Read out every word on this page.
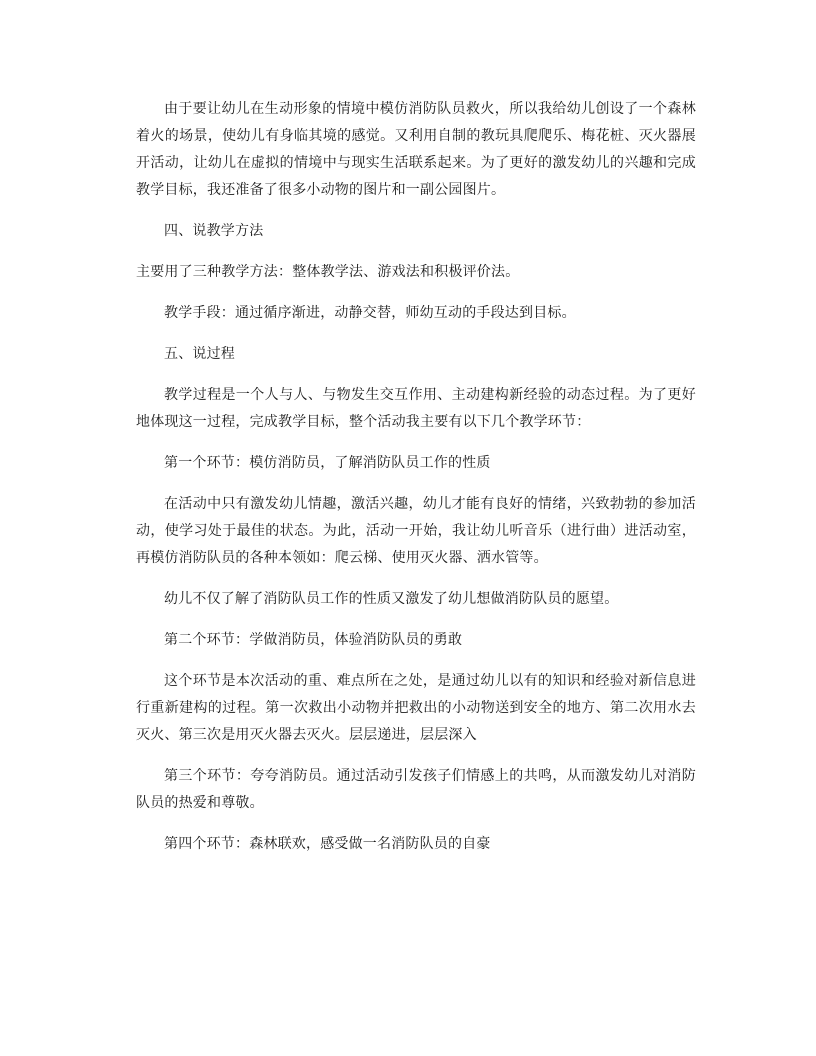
由于要让幼儿在生动形象的情境中模仿消防队员救火，所以我给幼儿创设了一个森林着火的场景，使幼儿有身临其境的感觉。又利用自制的教玩具爬爬乐、梅花桩、灭火器展开活动，让幼儿在虚拟的情境中与现实生活联系起来。为了更好的激发幼儿的兴趣和完成教学目标，我还准备了很多小动物的图片和一副公园图片。

四、说教学方法

主要用了三种教学方法：整体教学法、游戏法和积极评价法。

教学手段：通过循序渐进，动静交替，师幼互动的手段达到目标。

五、说过程

教学过程是一个人与人、与物发生交互作用、主动建构新经验的动态过程。为了更好地体现这一过程，完成教学目标，整个活动我主要有以下几个教学环节：

第一个环节：模仿消防员，了解消防队员工作的性质

在活动中只有激发幼儿情趣，激活兴趣，幼儿才能有良好的情绪，兴致勃勃的参加活动，使学习处于最佳的状态。为此，活动一开始，我让幼儿听音乐（进行曲）进活动室，再模仿消防队员的各种本领如：爬云梯、使用灭火器、洒水管等。

幼儿不仅了解了消防队员工作的性质又激发了幼儿想做消防队员的愿望。

第二个环节：学做消防员，体验消防队员的勇敢

这个环节是本次活动的重、难点所在之处，是通过幼儿以有的知识和经验对新信息进行重新建构的过程。第一次救出小动物并把救出的小动物送到安全的地方、第二次用水去灭火、第三次是用灭火器去灭火。层层递进，层层深入

第三个环节：夸夸消防员。通过活动引发孩子们情感上的共鸣，从而激发幼儿对消防队员的热爱和尊敬。

第四个环节：森林联欢，感受做一名消防队员的自豪
